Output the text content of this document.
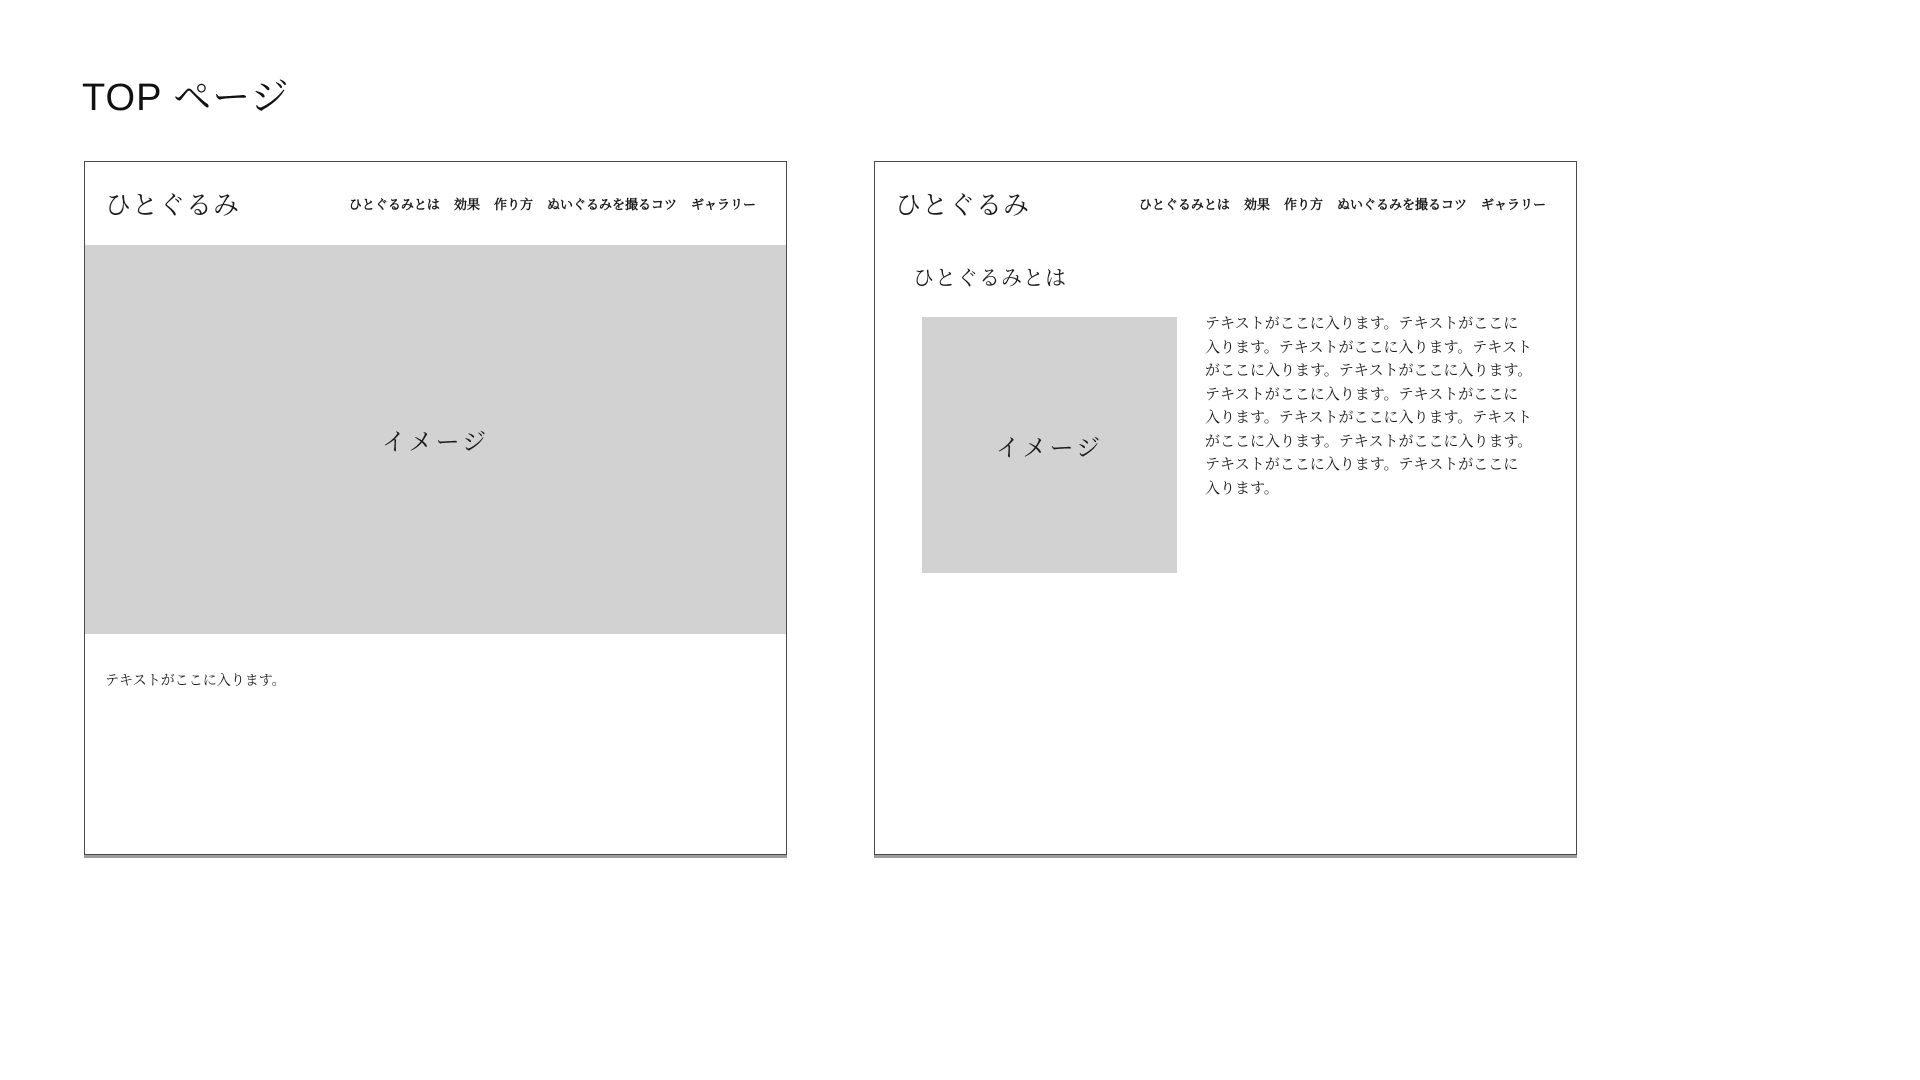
TOP ページ
ひとぐるみ	ひとぐるみとは 効果 作り方 ぬいぐるみを撮るコツ ギャラリー
イメージ
テキストがここに入ります。
ひとぐるみ	ひとぐるみとは 効果 作り方 ぬいぐるみを撮るコツ ギャラリー
ひとぐるみとは
イメージ
テキストがここに入ります。テキストがここに入ります。テキストがここに入ります。テキストがここに入ります。テキストがここに入ります。テキストがここに入ります。テキストがここに入ります。テキストがここに入ります。テキストがここに入ります。テキストがここに入ります。テキストがここに入ります。テキストがここに入ります。
